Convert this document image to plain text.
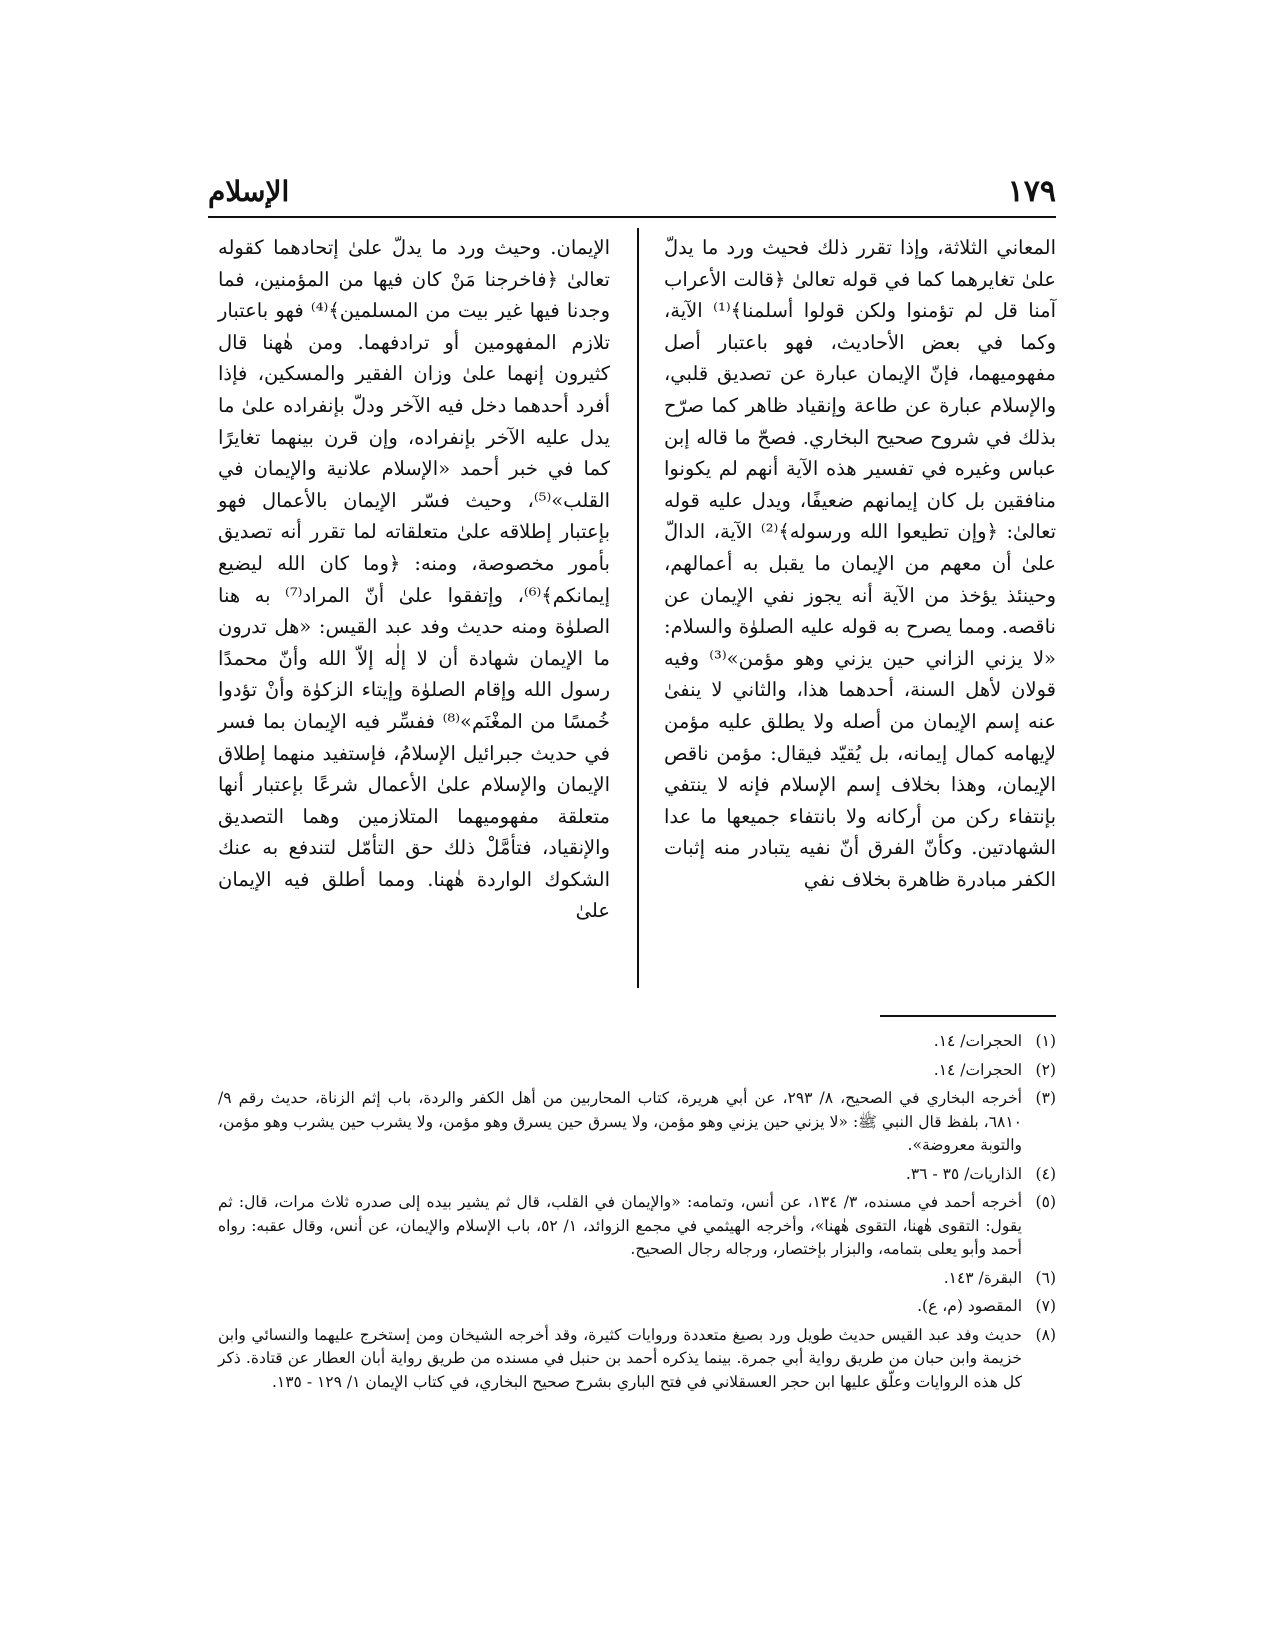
١٧٩
الإسلام

المعاني الثلاثة، وإذا تقرر ذلك فحيث ورد ما يدلّ علىٰ تغايرهما كما في قوله تعالىٰ ﴿قالت الأعراب آمنا قل لم تؤمنوا ولكن قولوا أسلمنا﴾⁽¹⁾ الآية، وكما في بعض الأحاديث، فهو باعتبار أصل مفهوميهما، فإنّ الإيمان عبارة عن تصديق قلبي، والإسلام عبارة عن طاعة وإنقياد ظاهر كما صرّح بذلك في شروح صحيح البخاري. فصحّ ما قاله إبن عباس وغيره في تفسير هذه الآية أنهم لم يكونوا منافقين بل كان إيمانهم ضعيفًا، ويدل عليه قوله تعالىٰ: ﴿وإن تطيعوا الله ورسوله﴾⁽²⁾ الآية، الدالّ علىٰ أن معهم من الإيمان ما يقبل به أعمالهم، وحينئذ يؤخذ من الآية أنه يجوز نفي الإيمان عن ناقصه. ومما يصرح به قوله عليه الصلوٰة والسلام: «لا يزني الزاني حين يزني وهو مؤمن»⁽³⁾ وفيه قولان لأهل السنة، أحدهما هذا، والثاني لا ينفىٰ عنه إسم الإيمان من أصله ولا يطلق عليه مؤمن لإيهامه كمال إيمانه، بل يُقيّد فيقال: مؤمن ناقص الإيمان، وهذا بخلاف إسم الإسلام فإنه لا ينتفي بإنتفاء ركن من أركانه ولا بانتفاء جميعها ما عدا الشهادتين. وكأنّ الفرق أنّ نفيه يتبادر منه إثبات الكفر مبادرة ظاهرة بخلاف نفي

الإيمان. وحيث ورد ما يدلّ علىٰ إتحادهما كقوله تعالىٰ ﴿فاخرجنا مَنْ كان فيها من المؤمنين، فما وجدنا فيها غير بيت من المسلمين﴾⁽⁴⁾ فهو باعتبار تلازم المفهومين أو ترادفهما. ومن هٰهنا قال كثيرون إنهما علىٰ وزان الفقير والمسكين، فإذا أفرد أحدهما دخل فيه الآخر ودلّ بإنفراده علىٰ ما يدل عليه الآخر بإنفراده، وإن قرن بينهما تغايرًا كما في خبر أحمد «الإسلام علانية والإيمان في القلب»⁽⁵⁾، وحيث فسّر الإيمان بالأعمال فهو بإعتبار إطلاقه علىٰ متعلقاته لما تقرر أنه تصديق بأمور مخصوصة، ومنه: ﴿وما كان الله ليضيع إيمانكم﴾⁽⁶⁾، وإتفقوا علىٰ أنّ المراد⁽⁷⁾ به هنا الصلوٰة ومنه حديث وفد عبد القيس: «هل تدرون ما الإيمان شهادة أن لا إلٰه إلاّ الله وأنّ محمدًا رسول الله وإقام الصلوٰة وإيتاء الزكوٰة وأنْ تؤدوا خُمسًا من المغْنَم»⁽⁸⁾ ففسِّر فيه الإيمان بما فسر في حديث جبرائيل الإسلامُ، فإستفيد منهما إطلاق الإيمان والإسلام علىٰ الأعمال شرعًا بإعتبار أنها متعلقة مفهوميهما المتلازمين وهما التصديق والإنقياد، فتأمَّلْ ذلك حق التأمّل لتندفع به عنك الشكوك الواردة هٰهنا. ومما أطلق فيه الإيمان علىٰ

(١)
الحجرات/ ١٤.
(٢)
الحجرات/ ١٤.
(٣)
أخرجه البخاري في الصحيح، ٨/ ٢٩٣، عن أبي هريرة، كتاب المحاربين من أهل الكفر والردة، باب إثم الزناة، حديث رقم ٩/ ٦٨١٠، بلفظ قال النبي ﷺ: «لا يزني حين يزني وهو مؤمن، ولا يسرق حين يسرق وهو مؤمن، ولا يشرب حين يشرب وهو مؤمن، والتوبة معروضة».
(٤)
الذاريات/ ٣٥ - ٣٦.
(٥)
أخرجه أحمد في مسنده، ٣/ ١٣٤، عن أنس، وتمامه: «والإيمان في القلب، قال ثم يشير بيده إلى صدره ثلاث مرات، قال: ثم يقول: التقوى هٰهنا، التقوى هٰهنا»، وأخرجه الهيثمي في مجمع الزوائد، ١/ ٥٢، باب الإسلام والإيمان، عن أنس، وقال عقبه: رواه أحمد وأبو يعلى بتمامه، والبزار بإختصار، ورجاله رجال الصحيح.
(٦)
البقرة/ ١٤٣.
(٧)
المقصود (م، ع).
(٨)
حديث وفد عبد القيس حديث طويل ورد بصيغ متعددة وروايات كثيرة، وقد أخرجه الشيخان ومن إستخرج عليهما والنسائي وابن خزيمة وابن حبان من طريق رواية أبي جمرة. بينما يذكره أحمد بن حنبل في مسنده من طريق رواية أبان العطار عن قتادة. ذكر كل هذه الروايات وعلّق عليها ابن حجر العسقلاني في فتح الباري بشرح صحيح البخاري، في كتاب الإيمان ١/ ١٢٩ - ١٣٥.
